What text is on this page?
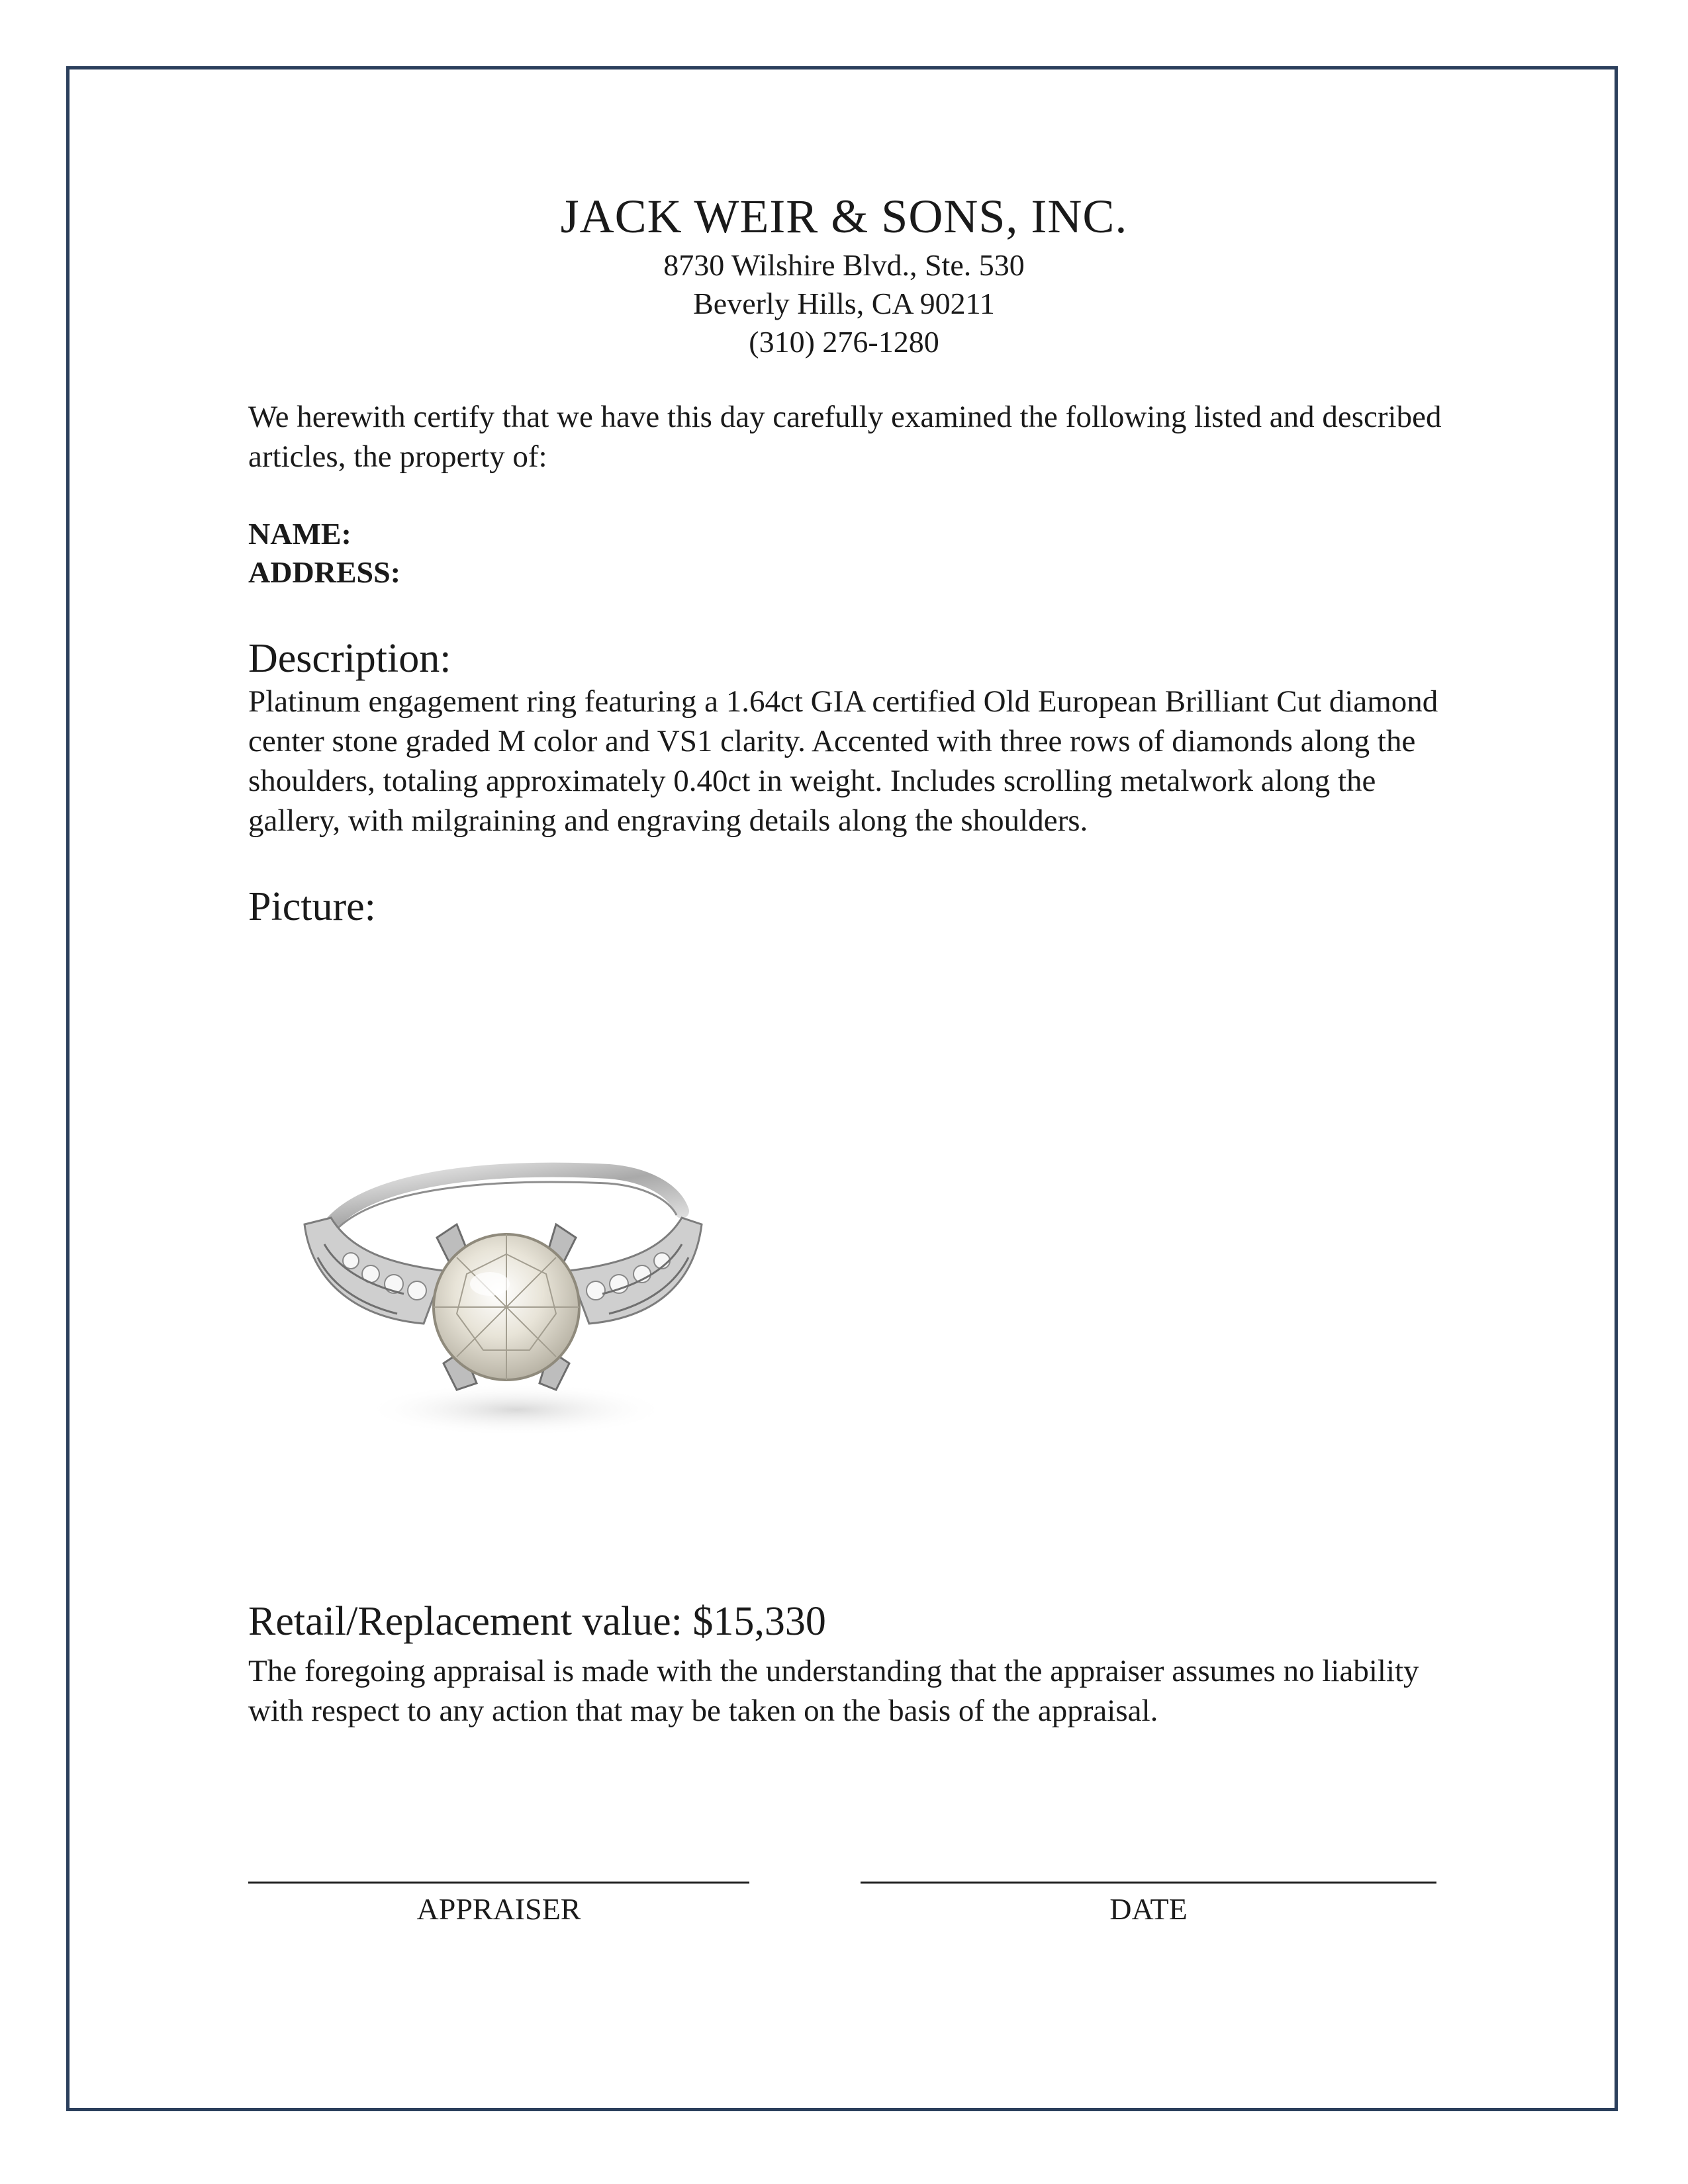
JACK WEIR & SONS, INC.
8730 Wilshire Blvd., Ste. 530
Beverly Hills, CA 90211
(310) 276-1280
We herewith certify that we have this day carefully examined the following listed and described articles, the property of:
NAME:
ADDRESS:
Description:
Platinum engagement ring featuring a 1.64ct GIA certified Old European Brilliant Cut diamond center stone graded M color and VS1 clarity. Accented with three rows of diamonds along the shoulders, totaling approximately 0.40ct in weight. Includes scrolling metalwork along the gallery, with milgraining and engraving details along the shoulders.
Picture:
Retail/Replacement value: $15,330
The foregoing appraisal is made with the understanding that the appraiser assumes no liability with respect to any action that may be taken on the basis of the appraisal.
APPRAISER	DATE
